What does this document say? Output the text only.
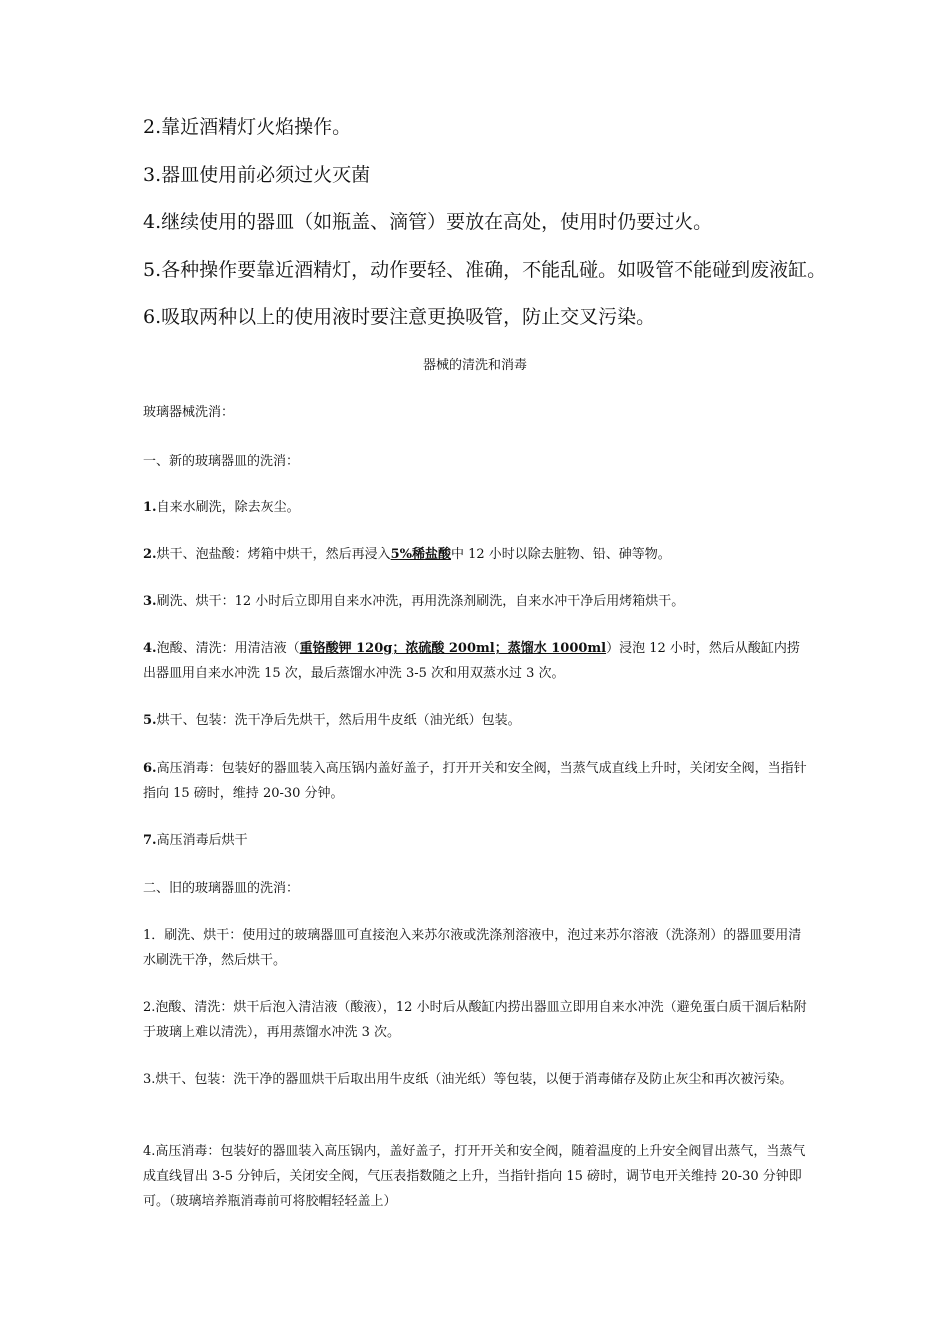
2.靠近酒精灯火焰操作。
3.器皿使用前必须过火灭菌
4.继续使用的器皿（如瓶盖、滴管）要放在高处，使用时仍要过火。
5.各种操作要靠近酒精灯，动作要轻、准确，不能乱碰。如吸管不能碰到废液缸。
6.吸取两种以上的使用液时要注意更换吸管，防止交叉污染。
器械的清洗和消毒
玻璃器械洗消：
一、新的玻璃器皿的洗消：
1.自来水刷洗，除去灰尘。
2.烘干、泡盐酸：烤箱中烘干，然后再浸入5%稀盐酸中 12 小时以除去脏物、铅、砷等物。
3.刷洗、烘干：12 小时后立即用自来水冲洗，再用洗涤剂刷洗，自来水冲干净后用烤箱烘干。
4.泡酸、清洗：用清洁液（重铬酸钾 120g；浓硫酸 200ml；蒸馏水 1000ml）浸泡 12 小时，然后从酸缸内捞出器皿用自来水冲洗 15 次，最后蒸馏水冲洗 3-5 次和用双蒸水过 3 次。
5.烘干、包装：洗干净后先烘干，然后用牛皮纸（油光纸）包装。
6.高压消毒：包装好的器皿装入高压锅内盖好盖子，打开开关和安全阀，当蒸气成直线上升时，关闭安全阀，当指针指向 15 磅时，维持 20-30 分钟。
7.高压消毒后烘干
二、旧的玻璃器皿的洗消：
1．刷洗、烘干：使用过的玻璃器皿可直接泡入来苏尔液或洗涤剂溶液中，泡过来苏尔溶液（洗涤剂）的器皿要用清水刷洗干净，然后烘干。
2.泡酸、清洗：烘干后泡入清洁液（酸液），12 小时后从酸缸内捞出器皿立即用自来水冲洗（避免蛋白质干涸后粘附于玻璃上难以清洗），再用蒸馏水冲洗 3 次。
3.烘干、包装：洗干净的器皿烘干后取出用牛皮纸（油光纸）等包装，以便于消毒储存及防止灰尘和再次被污染。
4.高压消毒：包装好的器皿装入高压锅内，盖好盖子，打开开关和安全阀，随着温度的上升安全阀冒出蒸气，当蒸气成直线冒出 3-5 分钟后，关闭安全阀，气压表指数随之上升，当指针指向 15 磅时，调节电开关维持 20-30 分钟即可。（玻璃培养瓶消毒前可将胶帽轻轻盖上）
